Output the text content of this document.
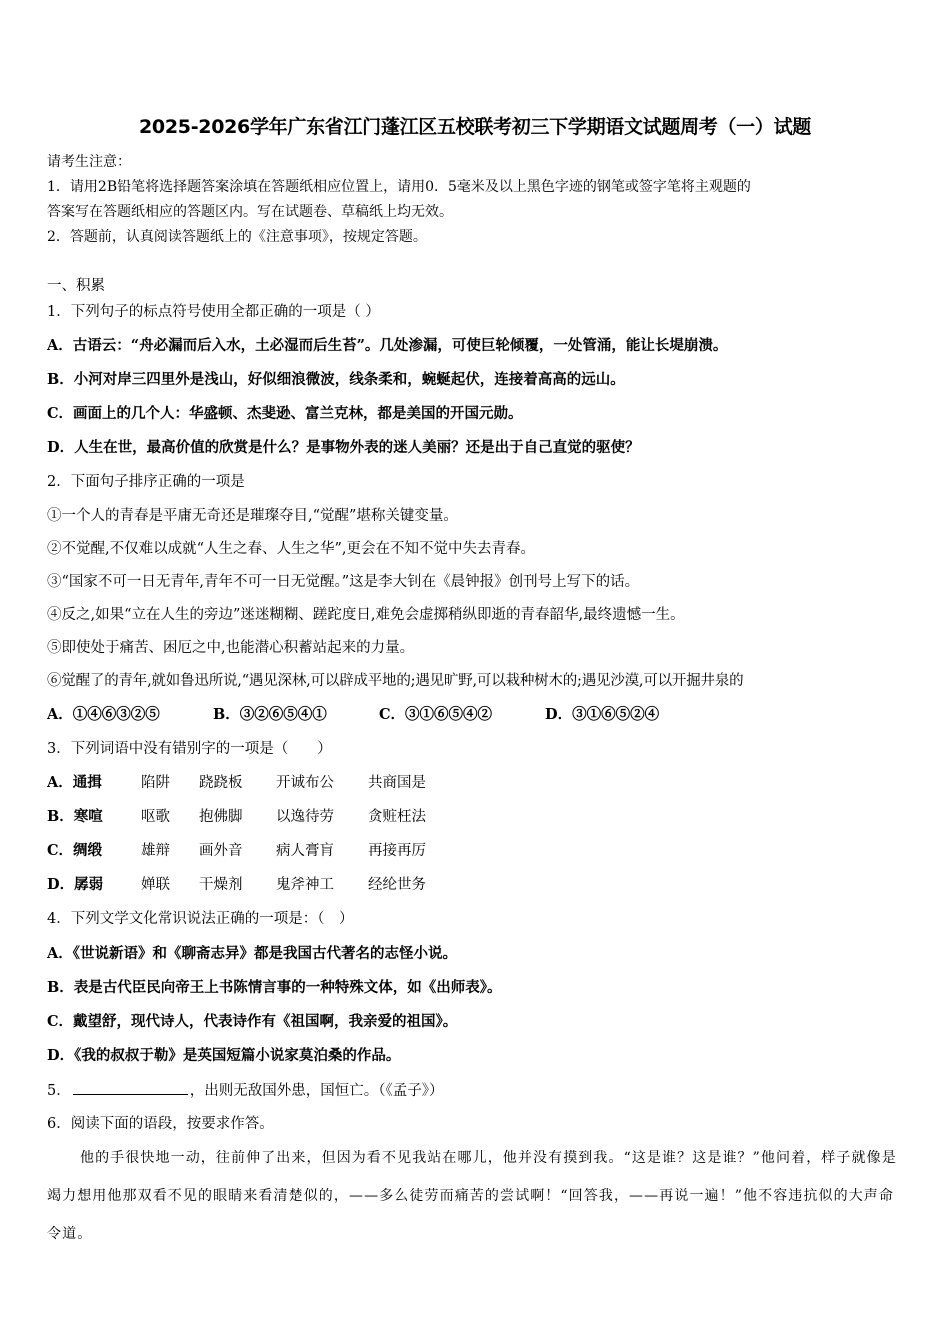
2025-2026学年广东省江门蓬江区五校联考初三下学期语文试题周考（一）试题
请考生注意：
1．请用2B铅笔将选择题答案涂填在答题纸相应位置上，请用0．5毫米及以上黑色字迹的钢笔或签字笔将主观题的
答案写在答题纸相应的答题区内。写在试题卷、草稿纸上均无效。
2．答题前，认真阅读答题纸上的《注意事项》，按规定答题。
一、积累
1．下列句子的标点符号使用全都正确的一项是（ ）
A．古语云：“舟必漏而后入水，土必湿而后生苔”。几处渗漏，可使巨轮倾覆，一处管涌，能让长堤崩溃。
B．小河对岸三四里外是浅山，好似细浪微波，线条柔和，蜿蜒起伏，连接着高高的远山。
C．画面上的几个人：华盛顿、杰斐逊、富兰克林，都是美国的开国元勋。
D．人生在世，最高价值的欣赏是什么？是事物外表的迷人美丽？还是出于自己直觉的驱使？
2．下面句子排序正确的一项是
①一个人的青春是平庸无奇还是璀璨夺目,“觉醒”堪称关键变量。
②不觉醒,不仅难以成就“人生之春、人生之华”,更会在不知不觉中失去青春。
③“国家不可一日无青年,青年不可一日无觉醒。”这是李大钊在《晨钟报》创刊号上写下的话。
④反之,如果“立在人生的旁边”迷迷糊糊、蹉跎度日,难免会虚掷稍纵即逝的青春韶华,最终遗憾一生。
⑤即使处于痛苦、困厄之中,也能潜心积蓄站起来的力量。
⑥觉醒了的青年,就如鲁迅所说,“遇见深林,可以辟成平地的;遇见旷野,可以栽种树木的;遇见沙漠,可以开掘井泉的
A．①④⑥③②⑤	B．③②⑥⑤④①	C．③①⑥⑤④②	D．③①⑥⑤②④
3．下列词语中没有错别字的一项是（　　）
A．通揖	陷阱 跷跷板 开诚布公 共商国是
B．寒喧	呕歌 抱佛脚 以逸待劳 贪赃枉法
C．绸缎	雄辩 画外音 病人膏肓 再接再厉
D．孱弱	婵联 干燥剂 鬼斧神工 经纶世务
4．下列文学文化常识说法正确的一项是：（　）
A．《世说新语》和《聊斋志异》都是我国古代著名的志怪小说。
B．表是古代臣民向帝王上书陈情言事的一种特殊文体，如《出师表》。
C．戴望舒，现代诗人，代表诗作有《祖国啊，我亲爱的祖国》。
D．《我的叔叔于勒》是英国短篇小说家莫泊桑的作品。
5．	，出则无敌国外患，国恒亡。（《孟子》）
6．阅读下面的语段，按要求作答。

他的手很快地一动，往前伸了出来，但因为看不见我站在哪儿，他并没有摸到我。“这是谁？这是谁？”他问着，样子就像是竭力想用他那双看不见的眼睛来看清楚似的，——多么徒劳而痛苦的尝试啊！“回答我，——再说一遍！”他不容违抗似的大声命令道。
